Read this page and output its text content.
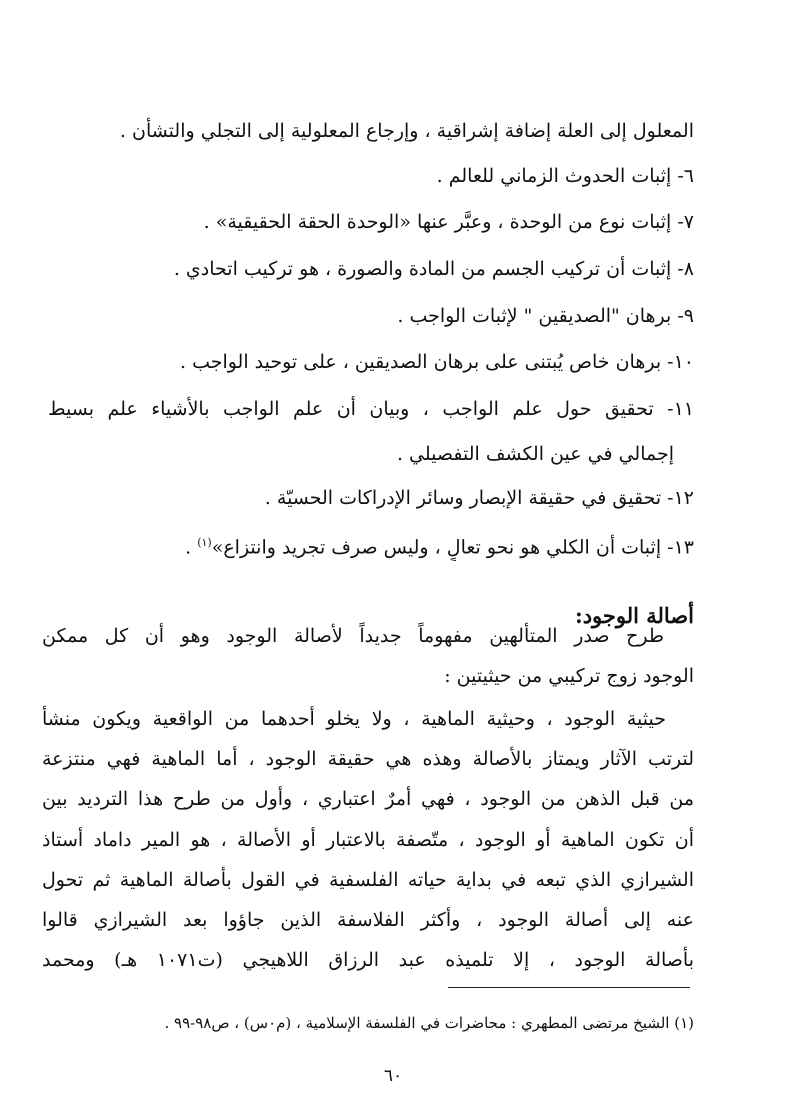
المعلول إلى العلة إضافة إشراقية ، وإرجاع المعلولية إلى التجلي والتشأن .
٦- إثبات الحدوث الزماني للعالم .
٧- إثبات نوع من الوحدة ، وعبَّر عنها «الوحدة الحقة الحقيقية» .
٨- إثبات أن تركيب الجسم من المادة والصورة ، هو تركيب اتحادي .
٩- برهان "الصديقين " لإثبات الواجب .
١٠- برهان خاص يُبتنى على برهان الصديقين ، على توحيد الواجب .
١١- تحقيق حول علم الواجب ، وبيان أن علم الواجب بالأشياء علم بسيط
إجمالي في عين الكشف التفصيلي .
١٢- تحقيق في حقيقة الإبصار وسائر الإدراكات الحسيّة .
١٣- إثبات أن الكلي هو نحو تعالٍ ، وليس صرف تجريد وانتزاع»$^{(١)}$ .
أصالة الوجود:
طرح صدر المتألهين مفهوماً جديداً لأصالة الوجود وهو أن كل ممكن
الوجود زوج تركيبي من حيثيتين :
حيثية الوجود ، وحيثية الماهية ، ولا يخلو أحدهما من الواقعية ويكون منشأ
لترتب الآثار ويمتاز بالأصالة وهذه هي حقيقة الوجود ، أما الماهية فهي منتزعة
من قبل الذهن من الوجود ، فهي أمرٌ اعتباري ، وأول من طرح هذا الترديد بين
أن تكون الماهية أو الوجود ، متّصفة بالاعتبار أو الأصالة ، هو المير داماد أستاذ
الشيرازي الذي تبعه في بداية حياته الفلسفية في القول بأصالة الماهية ثم تحول
عنه إلى أصالة الوجود ، وأكثر الفلاسفة الذين جاؤوا بعد الشيرازي قالوا
بأصالة الوجود ، إلا تلميذه عبد الرزاق اللاهيجي (ت١٠٧١ هـ) ومحمد
(١) الشيخ مرتضى المطهري : محاضرات في الفلسفة الإسلامية ، (م٠س) ، ص٩٨-٩٩ .
٦٠
